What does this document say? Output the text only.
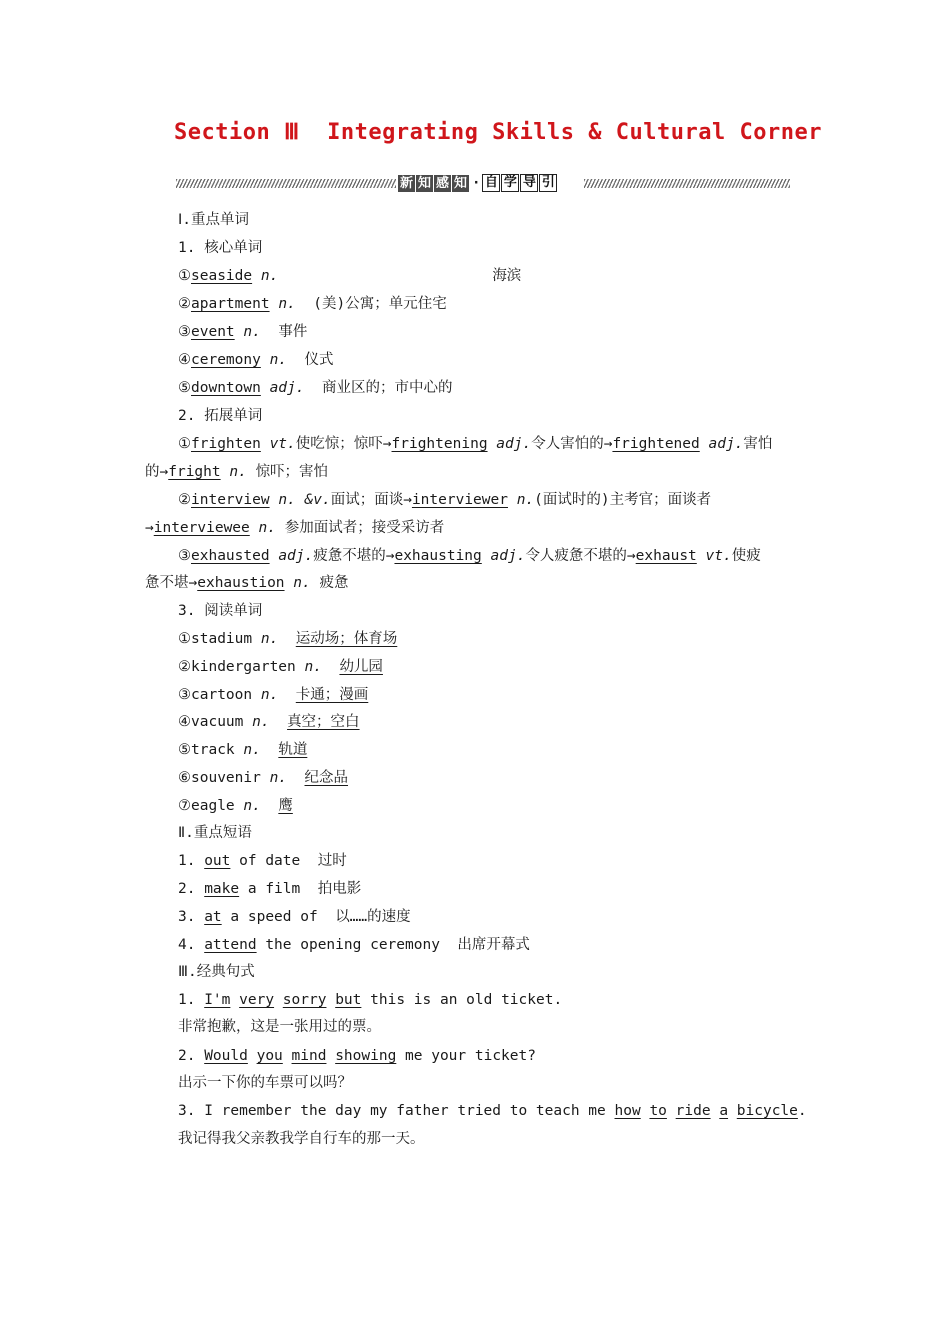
Section Ⅲ  Integrating Skills & Cultural Corner
新 知 感 知 · 自 学 导 引
Ⅰ.重点单词
1. 核心单词
①seaside n.	海滨
②apartment n. (美)公寓；单元住宅
③event n. 事件
④ceremony n. 仪式
⑤downtown adj. 商业区的；市中心的
2. 拓展单词
①frighten vt.使吃惊；惊吓→frightening adj.令人害怕的→frightened adj.害怕
的→fright n. 惊吓；害怕
②interview n. &v.面试；面谈→interviewer n.(面试时的)主考官；面谈者
→interviewee n. 参加面试者；接受采访者
③exhausted adj.疲惫不堪的→exhausting adj.令人疲惫不堪的→exhaust vt.使疲
惫不堪→exhaustion n. 疲惫
3. 阅读单词
①stadium n. 运动场；体育场
②kindergarten n. 幼儿园
③cartoon n. 卡通；漫画
④vacuum n. 真空；空白
⑤track n. 轨道
⑥souvenir n. 纪念品
⑦eagle n. 鹰
Ⅱ.重点短语
1. out of date 过时
2. make a film 拍电影
3. at a speed of 以……的速度
4. attend the opening ceremony 出席开幕式
Ⅲ.经典句式
1. I'm very sorry but this is an old ticket.
非常抱歉，这是一张用过的票。
2. Would you mind showing me your ticket?
出示一下你的车票可以吗？
3. I remember the day my father tried to teach me how to ride a bicycle.
我记得我父亲教我学自行车的那一天。
